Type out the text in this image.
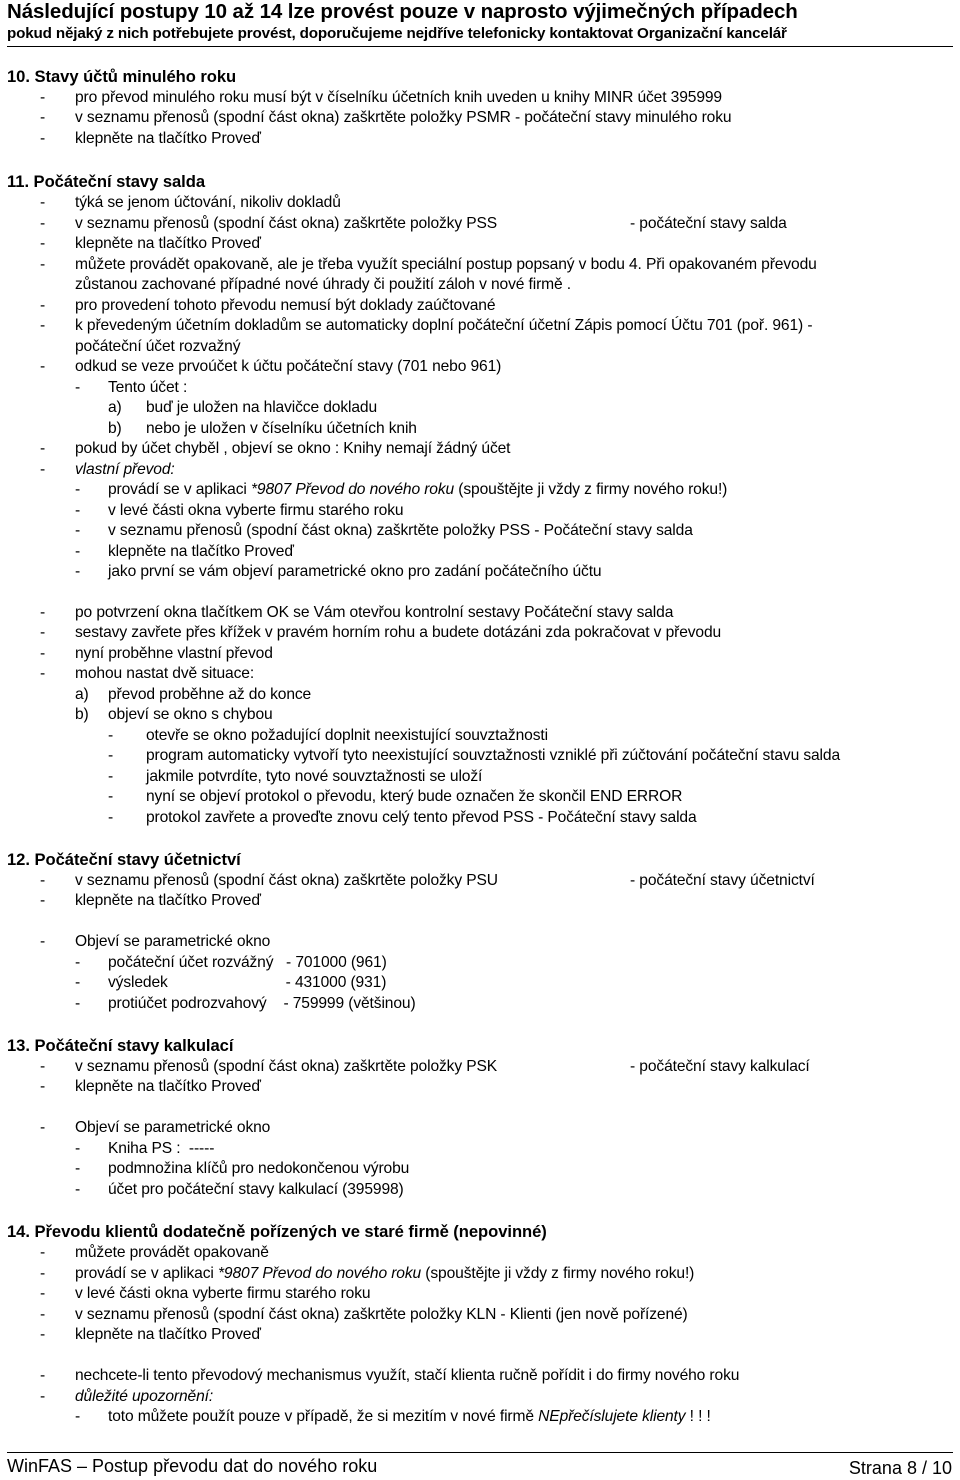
Následující postupy 10 až 14 lze provést pouze v naprosto výjimečných případech
pokud nějaký z nich potřebujete provést, doporučujeme nejdříve telefonicky kontaktovat Organizační kancelář
10. Stavy účtů minulého roku
- pro převod minulého roku musí být v číselníku účetních knih uveden u knihy MINR účet 395999
- v seznamu přenosů (spodní část okna) zaškrtěte položky PSMR - počáteční stavy minulého roku
- klepněte na tlačítko Proveď
11. Počáteční stavy salda
- týká se jenom účtování, nikoliv dokladů
- v seznamu přenosů (spodní část okna) zaškrtěte položky PSS	- počáteční stavy salda
- klepněte na tlačítko Proveď
- můžete provádět opakovaně, ale je třeba využít speciální postup popsaný v bodu 4. Při opakovaném převodu
zůstanou zachované případné nové úhrady či použití záloh v nové firmě .
- pro provedení tohoto převodu nemusí být doklady zaúčtované
- k převedeným účetním dokladům se automaticky doplní počáteční účetní Zápis pomocí Účtu 701 (poř. 961) -
počáteční účet rozvažný
- odkud se veze prvoúčet k účtu počáteční stavy (701 nebo 961)
- Tento účet :
a) buď je uložen na hlavičce dokladu
b) nebo je uložen v číselníku účetních knih
- pokud by účet chyběl , objeví se okno : Knihy nemají žádný účet
- vlastní převod:
- provádí se v aplikaci *9807 Převod do nového roku (spouštějte ji vždy z firmy nového roku!)
- v levé části okna vyberte firmu starého roku
- v seznamu přenosů (spodní část okna) zaškrtěte položky PSS - Počáteční stavy salda
- klepněte na tlačítko Proveď
- jako první se vám objeví parametrické okno pro zadání počátečního účtu
- po potvrzení okna tlačítkem OK se Vám otevřou kontrolní sestavy Počáteční stavy salda
- sestavy zavřete přes křížek v pravém horním rohu a budete dotázáni zda pokračovat v převodu
- nyní proběhne vlastní převod
- mohou nastat dvě situace:
a) převod proběhne až do konce
b) objeví se okno s chybou
- otevře se okno požadující doplnit neexistující souvztažnosti
- program automaticky vytvoří tyto neexistující souvztažnosti vzniklé při zúčtování počáteční stavu salda
- jakmile potvrdíte, tyto nové souvztažnosti se uloží
- nyní se objeví protokol o převodu, který bude označen že skončil END ERROR
- protokol zavřete a proveďte znovu celý tento převod PSS - Počáteční stavy salda
12. Počáteční stavy účetnictví
- v seznamu přenosů (spodní část okna) zaškrtěte položky PSU	- počáteční stavy účetnictví
- klepněte na tlačítko Proveď
- Objeví se parametrické okno
- počáteční účet rozvážný   - 701000 (961)
- výsledek                            - 431000 (931)
- protiúčet podrozvahový    - 759999 (většinou)
13. Počáteční stavy kalkulací
- v seznamu přenosů (spodní část okna) zaškrtěte položky PSK	- počáteční stavy kalkulací
- klepněte na tlačítko Proveď
- Objeví se parametrické okno
- Kniha PS :  -----
- podmnožina klíčů pro nedokončenou výrobu
- účet pro počáteční stavy kalkulací (395998)
14. Převodu klientů dodatečně pořízených ve staré firmě (nepovinné)
- můžete provádět opakovaně
- provádí se v aplikaci *9807 Převod do nového roku (spouštějte ji vždy z firmy nového roku!)
- v levé části okna vyberte firmu starého roku
- v seznamu přenosů (spodní část okna) zaškrtěte položky KLN - Klienti (jen nově pořízené)
- klepněte na tlačítko Proveď
- nechcete-li tento převodový mechanismus využít, stačí klienta ručně pořídit i do firmy nového roku
- důležité upozornění:
- toto můžete použít pouze v případě, že si mezitím v nové firmě NEpřečíslujete klienty ! ! !
WinFAS – Postup převodu dat do nového roku	Strana 8 / 10
